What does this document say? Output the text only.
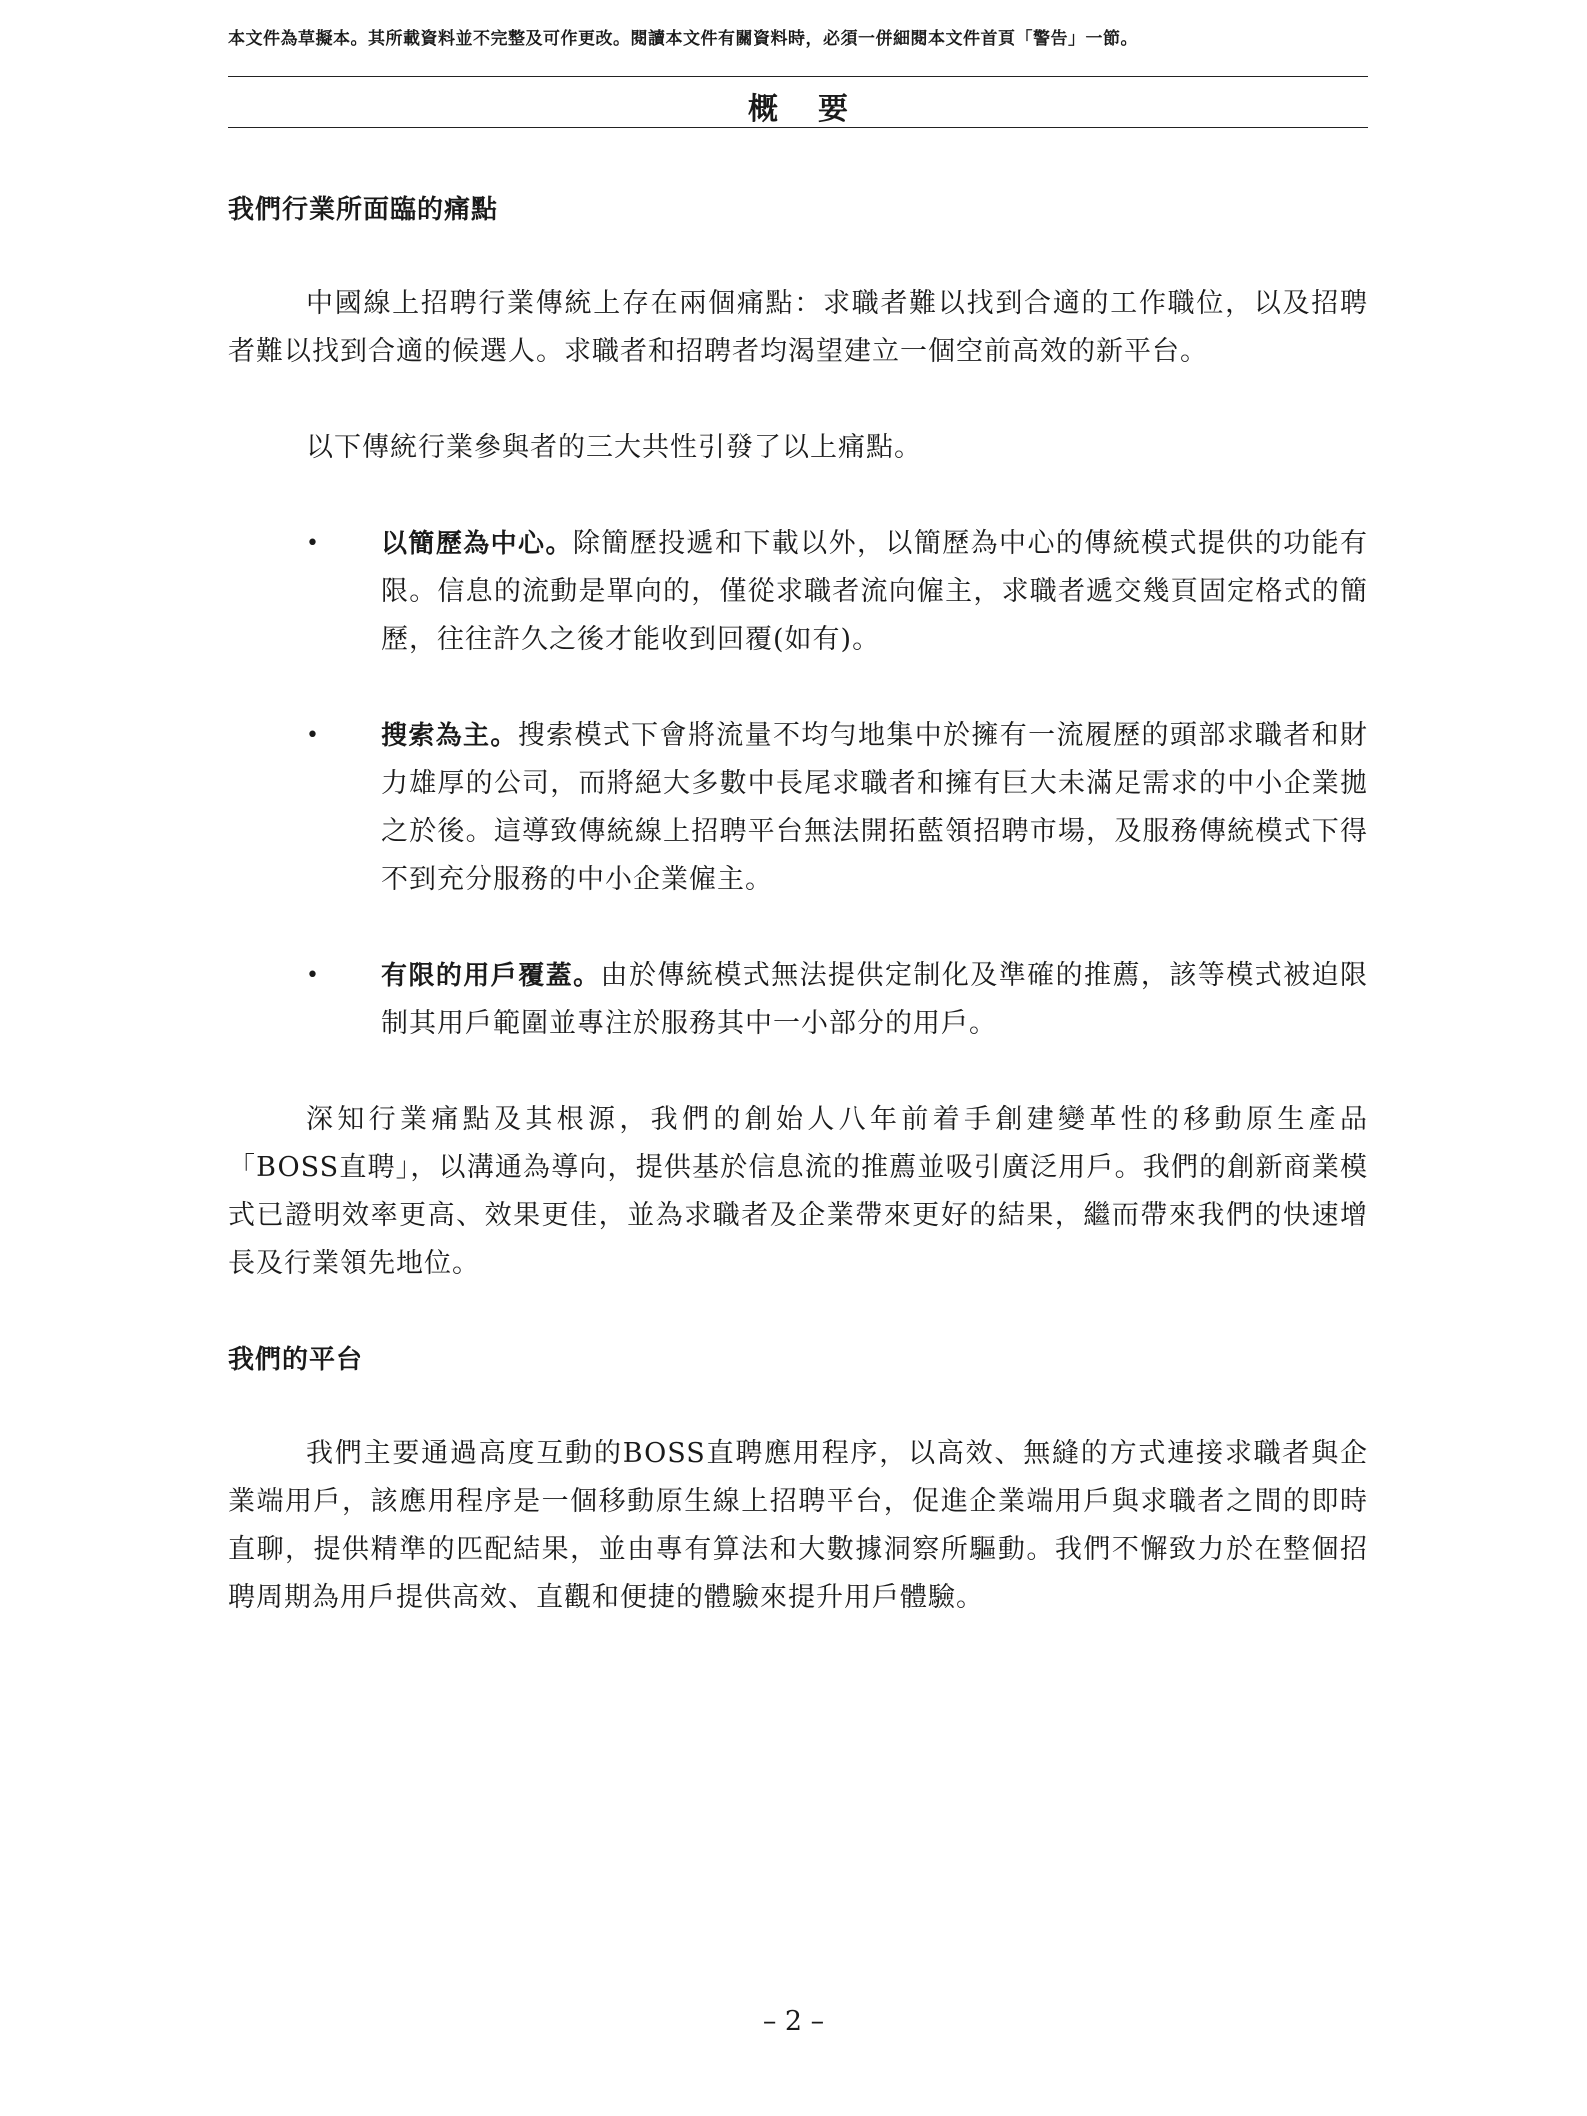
本文件為草擬本。其所載資料並不完整及可作更改。閱讀本文件有關資料時，必須一併細閱本文件首頁「警告」一節。
概要

我們行業所面臨的痛點

中國線上招聘行業傳統上存在兩個痛點：求職者難以找到合適的工作職位，以及招聘者難以找到合適的候選人。求職者和招聘者均渴望建立一個空前高效的新平台。

以下傳統行業參與者的三大共性引發了以上痛點。

• 以簡歷為中心。除簡歷投遞和下載以外，以簡歷為中心的傳統模式提供的功能有限。信息的流動是單向的，僅從求職者流向僱主，求職者遞交幾頁固定格式的簡歷，往往許久之後才能收到回覆(如有)。
• 搜索為主。搜索模式下會將流量不均勻地集中於擁有一流履歷的頭部求職者和財力雄厚的公司，而將絕大多數中長尾求職者和擁有巨大未滿足需求的中小企業拋之於後。這導致傳統線上招聘平台無法開拓藍領招聘市場，及服務傳統模式下得不到充分服務的中小企業僱主。
• 有限的用戶覆蓋。由於傳統模式無法提供定制化及準確的推薦，該等模式被迫限制其用戶範圍並專注於服務其中一小部分的用戶。

深知行業痛點及其根源，我們的創始人八年前着手創建變革性的移動原生產品「BOSS直聘」，以溝通為導向，提供基於信息流的推薦並吸引廣泛用戶。我們的創新商業模式已證明效率更高、效果更佳，並為求職者及企業帶來更好的結果，繼而帶來我們的快速增長及行業領先地位。

我們的平台

我們主要通過高度互動的BOSS直聘應用程序，以高效、無縫的方式連接求職者與企業端用戶，該應用程序是一個移動原生線上招聘平台，促進企業端用戶與求職者之間的即時直聊，提供精準的匹配結果，並由專有算法和大數據洞察所驅動。我們不懈致力於在整個招聘周期為用戶提供高效、直觀和便捷的體驗來提升用戶體驗。

– 2 –
